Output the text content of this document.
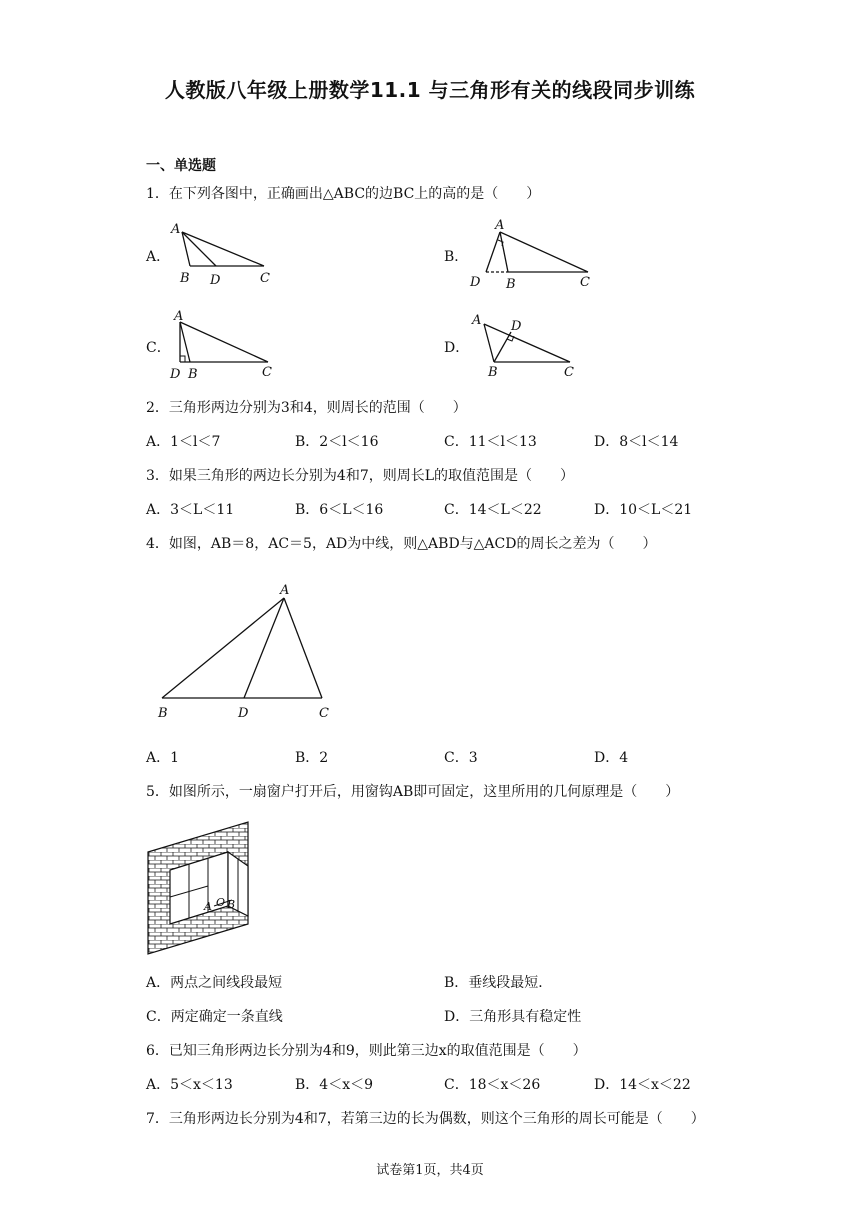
人教版八年级上册数学11.1 与三角形有关的线段同步训练
一、单选题
1．在下列各图中，正确画出△ABC的边BC上的高的是（　　）
A．
A
B D	C
B．
A
D B	C
C．
A
D B	C
D．
A D
B	C
2．三角形两边分别为3和4，则周长的范围（　　）
A．1＜l＜7	B．2＜l＜16	C．11＜l＜13	D．8＜l＜14
3．如果三角形的两边长分别为4和7，则周长L的取值范围是（　　）
A．3＜L＜11	B．6＜L＜16	C．14＜L＜22	D．10＜L＜21
4．如图，AB＝8，AC＝5，AD为中线，则△ABD与△ACD的周长之差为（　　）
A
B	D	C
A．1	B．2	C．3	D．4
5．如图所示，一扇窗户打开后，用窗钩AB即可固定，这里所用的几何原理是（　　）
A O B
A．两点之间线段最短	B．垂线段最短．
C．两定确定一条直线	D．三角形具有稳定性
6．已知三角形两边长分别为4和9，则此第三边x的取值范围是（　　）
A．5＜x＜13	B．4＜x＜9	C．18＜x＜26	D．14＜x＜22
7．三角形两边长分别为4和7，若第三边的长为偶数，则这个三角形的周长可能是（　　）
试卷第1页，共4页
